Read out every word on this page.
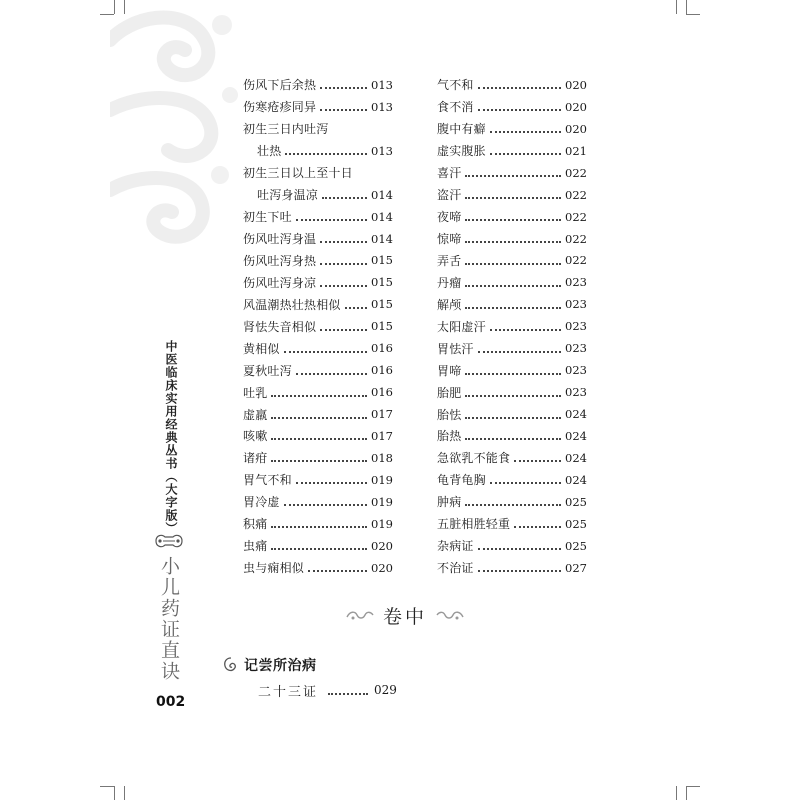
中医临床实用经典丛书（大字版）
小儿药证直诀
002
伤风下后余热	013
伤寒疮疹同异	013
初生三日内吐泻
壮热	013
初生三日以上至十日
吐泻身温凉	014
初生下吐	014
伤风吐泻身温	014
伤风吐泻身热	015
伤风吐泻身凉	015
风温潮热壮热相似	015
肾怯失音相似	015
黄相似	016
夏秋吐泻	016
吐乳	016
虚羸	017
咳嗽	017
诸疳	018
胃气不和	019
胃冷虚	019
积痛	019
虫痛	020
虫与痫相似	020
气不和	020
食不消	020
腹中有癖	020
虚实腹胀	021
喜汗	022
盗汗	022
夜啼	022
惊啼	022
弄舌	022
丹瘤	023
解颅	023
太阳虚汗	023
胃怯汗	023
胃啼	023
胎肥	023
胎怯	024
胎热	024
急欲乳不能食	024
龟背龟胸	024
肿病	025
五脏相胜轻重	025
杂病证	025
不治证	027
卷中
记尝所治病
二十三证	029
